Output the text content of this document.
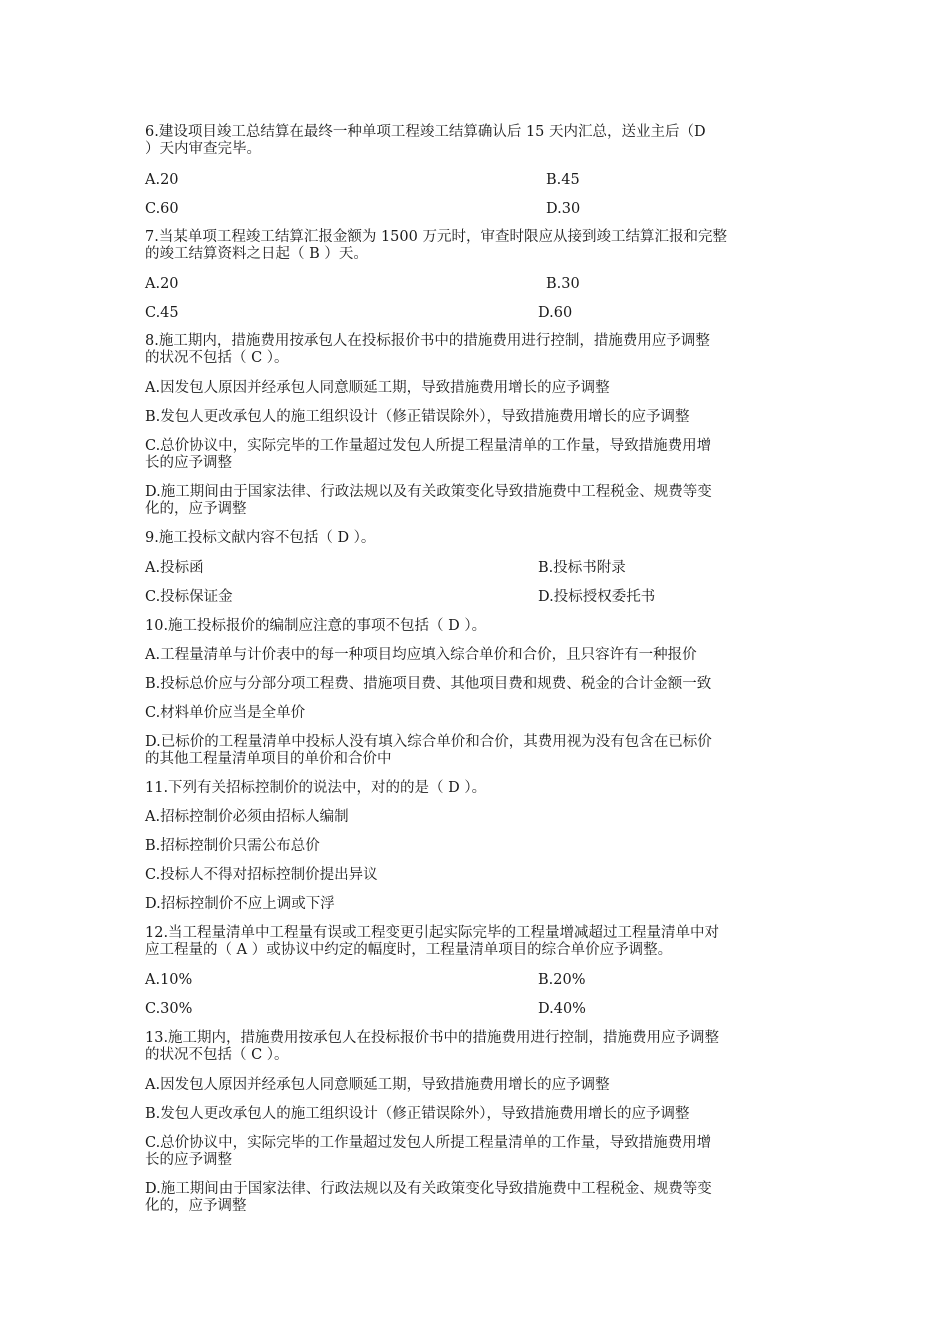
6.建设项目竣工总结算在最终一种单项工程竣工结算确认后 15 天内汇总，送业主后（D
）天内审查完毕。
A.20	B.45
C.60	D.30
7.当某单项工程竣工结算汇报金额为 1500 万元时，审查时限应从接到竣工结算汇报和完整
的竣工结算资料之日起（ B ）天。
A.20	B.30
C.45	D.60
8.施工期内，措施费用按承包人在投标报价书中的措施费用进行控制，措施费用应予调整
的状况不包括（ C ）。
A.因发包人原因并经承包人同意顺延工期，导致措施费用增长的应予调整
B.发包人更改承包人的施工组织设计（修正错误除外），导致措施费用增长的应予调整
C.总价协议中，实际完毕的工作量超过发包人所提工程量清单的工作量，导致措施费用增
长的应予调整
D.施工期间由于国家法律、行政法规以及有关政策变化导致措施费中工程税金、规费等变
化的，应予调整
9.施工投标文献内容不包括（ D ）。
A.投标函	B.投标书附录
C.投标保证金	D.投标授权委托书
10.施工投标报价的编制应注意的事项不包括（ D ）。
A.工程量清单与计价表中的每一种项目均应填入综合单价和合价，且只容许有一种报价
B.投标总价应与分部分项工程费、措施项目费、其他项目费和规费、税金的合计金额一致
C.材料单价应当是全单价
D.已标价的工程量清单中投标人没有填入综合单价和合价，其费用视为没有包含在已标价
的其他工程量清单项目的单价和合价中
11.下列有关招标控制价的说法中，对的的是（ D ）。
A.招标控制价必须由招标人编制
B.招标控制价只需公布总价
C.投标人不得对招标控制价提出异议
D.招标控制价不应上调或下浮
12.当工程量清单中工程量有误或工程变更引起实际完毕的工程量增减超过工程量清单中对
应工程量的（ A ）或协议中约定的幅度时，工程量清单项目的综合单价应予调整。
A.10%	B.20%
C.30%	D.40%
13.施工期内，措施费用按承包人在投标报价书中的措施费用进行控制，措施费用应予调整
的状况不包括（ C ）。
A.因发包人原因并经承包人同意顺延工期，导致措施费用增长的应予调整
B.发包人更改承包人的施工组织设计（修正错误除外），导致措施费用增长的应予调整
C.总价协议中，实际完毕的工作量超过发包人所提工程量清单的工作量，导致措施费用增
长的应予调整
D.施工期间由于国家法律、行政法规以及有关政策变化导致措施费中工程税金、规费等变
化的，应予调整
